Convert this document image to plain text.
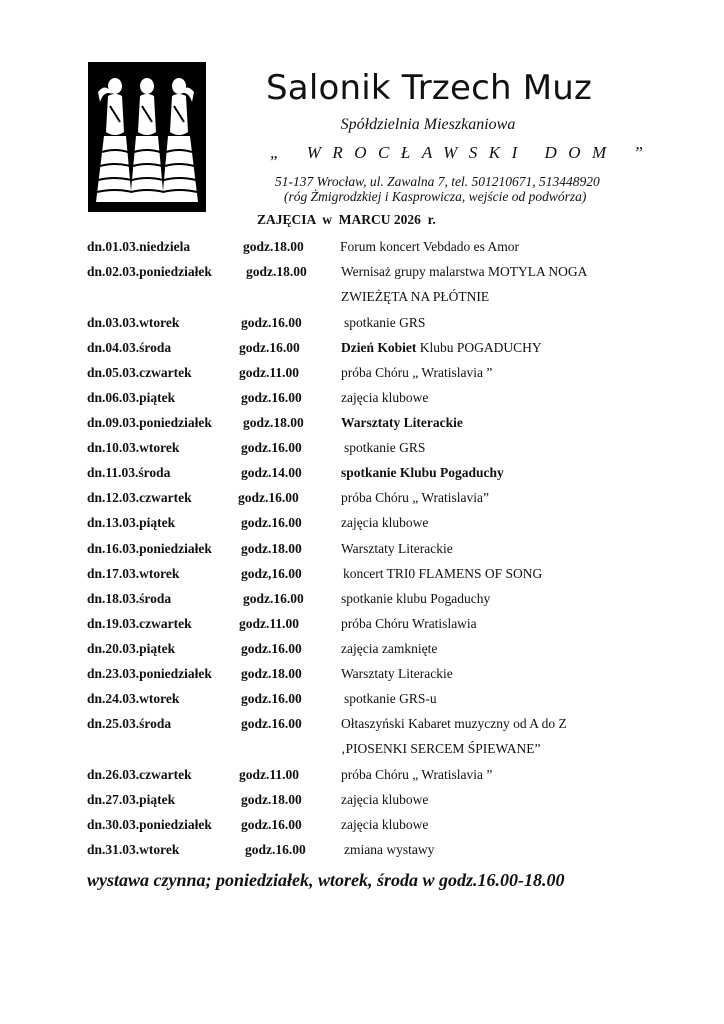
Salonik Trzech Muz
Spółdzielnia Mieszkaniowa
„ WROCŁAWSKI DOM ”
51-137 Wrocław, ul. Zawalna 7, tel. 501210671, 513448920
(róg Żmigrodzkiej i Kasprowicza, wejście od podwórza)
ZAJĘCIA  w  MARCU 2026  r.
dn.01.03.niedziela	godz.18.00	Forum koncert Vebdado es Amor
dn.02.03.poniedziałek	godz.18.00	Wernisaż grupy malarstwa MOTYLA NOGA
ZWIEŻĘTA NA PŁÓTNIE
dn.03.03.wtorek	godz.16.00	spotkanie GRS
dn.04.03.środa	godz.16.00	Dzień Kobiet Klubu POGADUCHY
dn.05.03.czwartek	godz.11.00	próba Chóru „ Wratislavia ”
dn.06.03.piątek	godz.16.00	zajęcia klubowe
dn.09.03.poniedziałek godz.18.00	Warsztaty Literackie
dn.10.03.wtorek	godz.16.00	spotkanie GRS
dn.11.03.środa	godz.14.00	spotkanie Klubu Pogaduchy
dn.12.03.czwartek	godz.16.00	próba Chóru „ Wratislavia”
dn.13.03.piątek	godz.16.00	zajęcia klubowe
dn.16.03.poniedziałek godz.18.00	Warsztaty Literackie
dn.17.03.wtorek	godz,16.00	koncert TRI0 FLAMENS OF SONG
dn.18.03.środa	godz.16.00	spotkanie klubu Pogaduchy
dn.19.03.czwartek	godz.11.00	próba Chóru Wratislawia
dn.20.03.piątek	godz.16.00	zajęcia zamknięte
dn.23.03.poniedziałek godz.18.00	Warsztaty Literackie
dn.24.03.wtorek	godz.16.00	spotkanie GRS-u
dn.25.03.środa	godz.16.00	Ołtaszyński Kabaret muzyczny od A do Z
‚PIOSENKI SERCEM ŚPIEWANE”
dn.26.03.czwartek	godz.11.00	próba Chóru „ Wratislavia ”
dn.27.03.piątek	godz.18.00	zajęcia klubowe
dn.30.03.poniedziałek godz.16.00	zajęcia klubowe
dn.31.03.wtorek	godz.16.00	zmiana wystawy
wystawa czynna; poniedziałek, wtorek, środa w godz.16.00-18.00
